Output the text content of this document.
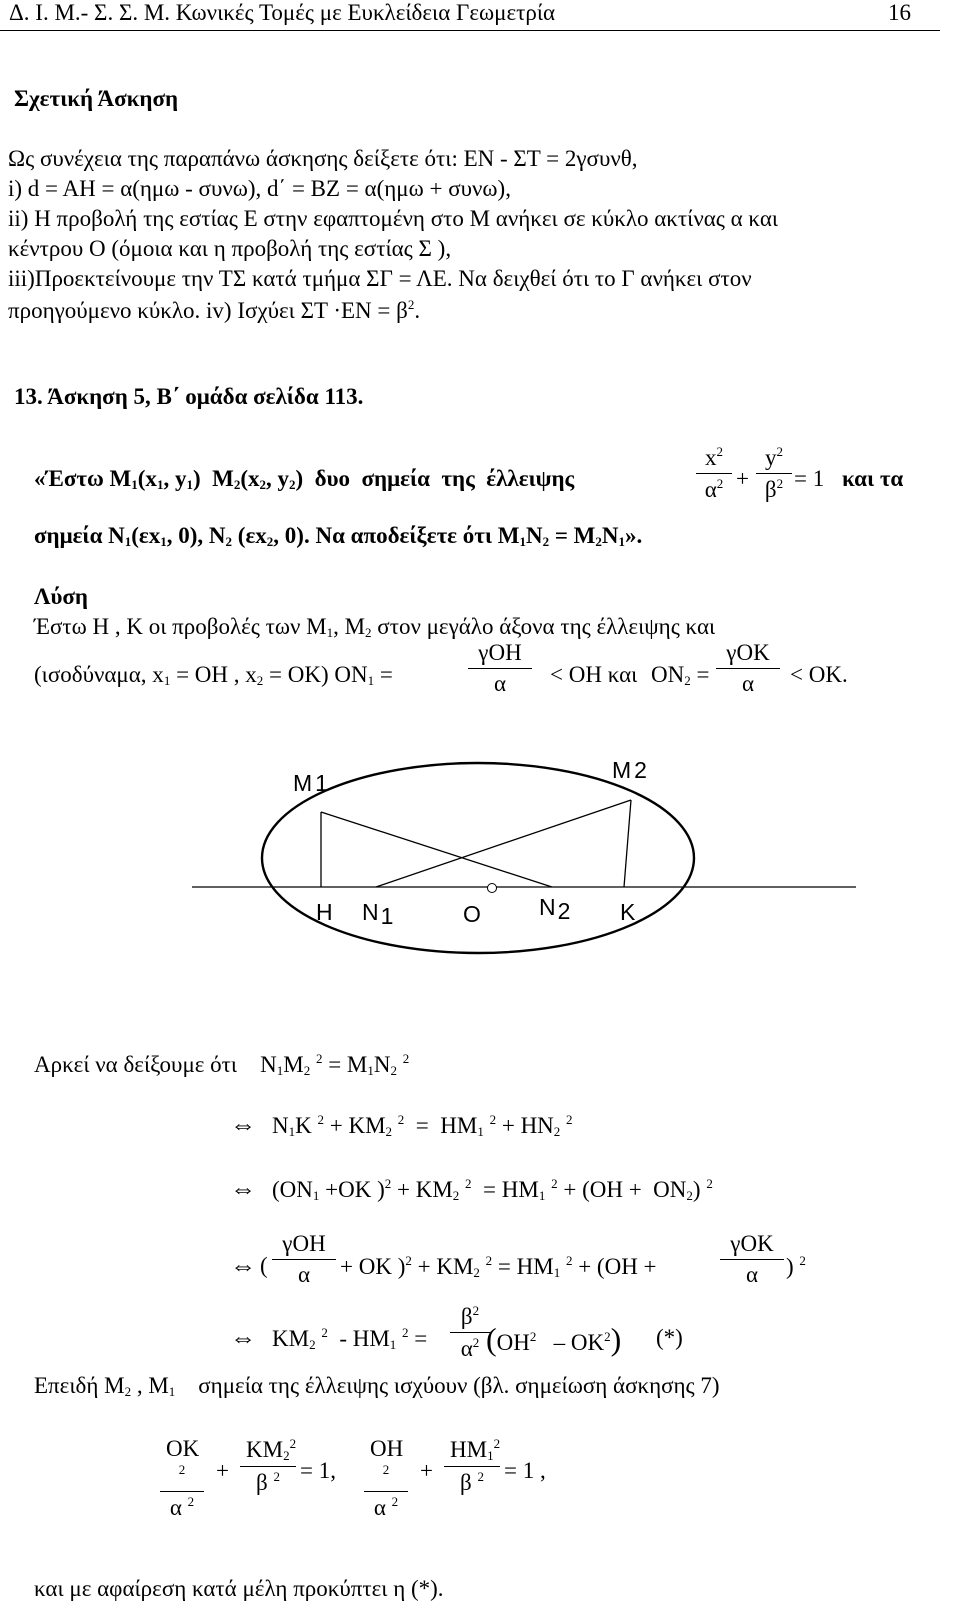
Δ. Ι. Μ.- Σ. Σ. Μ. Κωνικές Τομές με Ευκλείδεια Γεωμετρία	16
Σχετική Άσκηση
Ως συνέχεια της παραπάνω άσκησης δείξετε ότι: ΕΝ - ΣΤ = 2γσυνθ,
i) d = AH = α(ημω - συνω), d΄ = ΒΖ = α(ημω + συνω),
ii) Η προβολή της εστίας Ε στην εφαπτομένη στο Μ ανήκει σε κύκλο ακτίνας α και
κέντρου Ο (όμοια και η προβολή της εστίας Σ ),
iii)Προεκτείνουμε την ΤΣ κατά τμήμα ΣΓ = ΛΕ. Να δειχθεί ότι το Γ ανήκει στον
προηγούμενο κύκλο. iv) Ισχύει $\Sigma T \cdot EN = \beta^2$.
13. Άσκηση 5, Β΄ ομάδα σελίδα 113.
«Έστω $M_1(x_1$, $y_1$)  $M_2(x_2$, $y_2$)  δυο  σημεία  της  έλλειψης
$x^2$
$\alpha^2$ +
$y^2$
$\beta^2 = 1$ και τα
σημεία $N_1(\varepsilon x_1$, 0), $N_2$ ($\varepsilon x_2$, 0). Να αποδείξετε ότι $M_1N_2 = M_2N_1$».
Λύση
Έστω Η , Κ οι προβολές των $M_1$, $M_2$ στον μεγάλο άξονα της έλλειψης και
(ισοδύναμα, $x_1 = OH$ , $x_2 = OK$) $ON_1$ =
γΟΗ
α	< ΟΗ και $ON_2$ =
γΟΚ
α	< ΟΚ.
M 1	M 2
H N1	O	N2 K
Αρκεί να δείξουμε ότι    $N_1M_2$ $^2 = M_1N_2$ $^2$
⇔ $N_1K$ $^2 + KM_2$ $^2 = HM_1$ $^2 + HN_2$ $^2$
⇔ ($ON_1 +OK$ )$^2 + KM_2$ $^2 = HM_1$ $^2 + (OH + ON_2)$ $^2$
⇔ (
γΟΗ
α	+ ΟΚ )$^2 + KM_2$ $^2 = HM_1$ $^2$ + (ΟΗ +
γΟΚ
α	) $^2$
⇔ $KM_2$ $^2 - HM_1$ $^2$ =
$\beta^2$
$\alpha^2$ $(OH^2 - OK^2)$ (*)
Επειδή $M_2$ , $M_1$ σημεία της έλλειψης ισχύουν (βλ. σημείωση άσκησης 7)
ΟΚ $^2$
α $^2$
+
$KM_2^2$
β $^2$ = 1,
ΟΗ $^2$
α $^2$
+
$HM_1^2$
β $^2$ = 1 ,
και με αφαίρεση κατά μέλη προκύπτει η (*).
